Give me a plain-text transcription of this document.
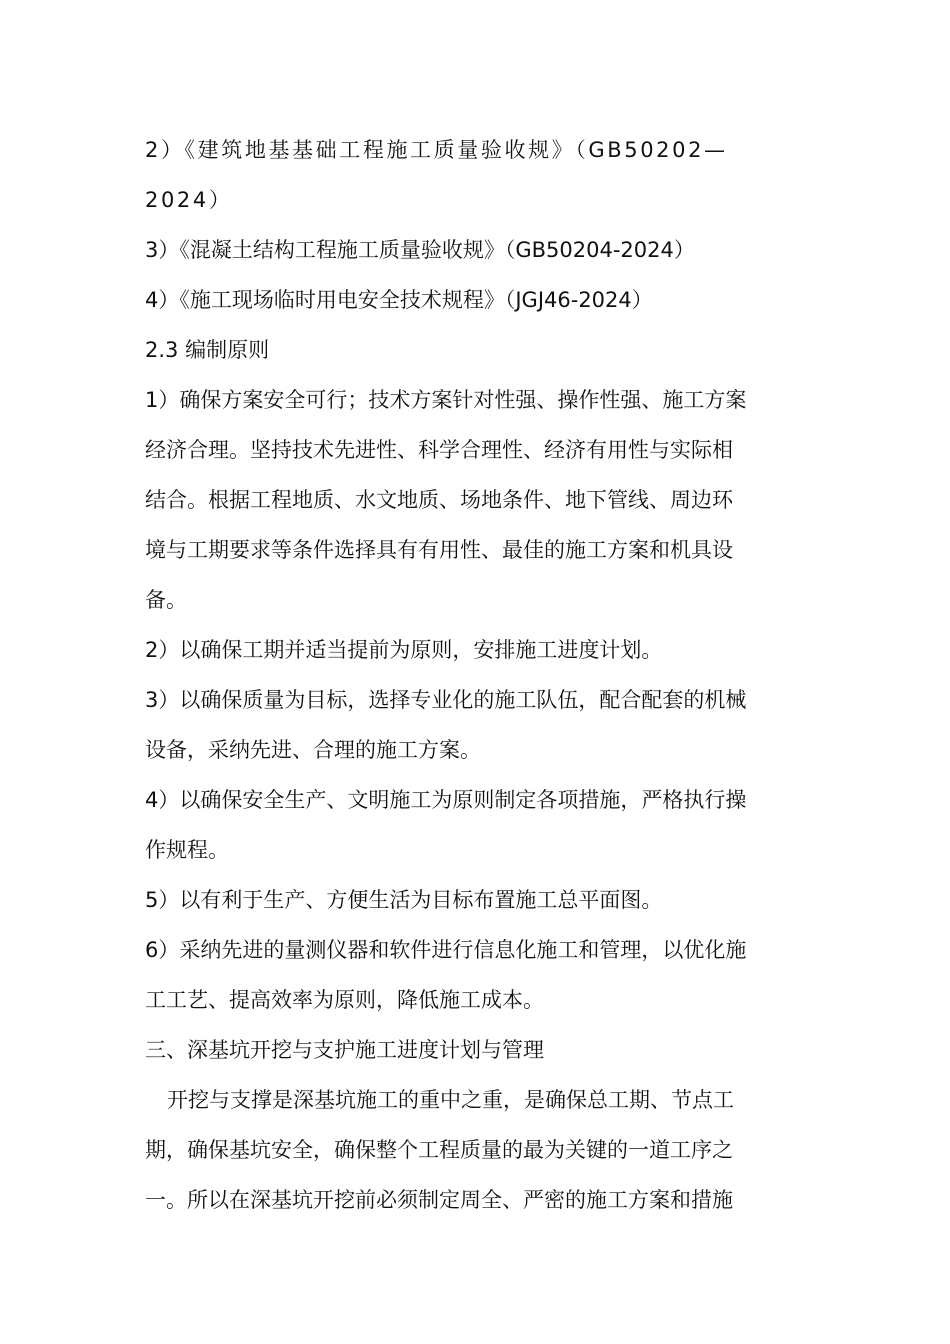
2）《建筑地基基础工程施工质量验收规》（GB50202—
2024）
3）《混凝土结构工程施工质量验收规》（GB50204-2024）
4）《施工现场临时用电安全技术规程》（JGJ46-2024）
2.3 编制原则
1）确保方案安全可行；技术方案针对性强、操作性强、施工方案
经济合理。坚持技术先进性、科学合理性、经济有用性与实际相
结合。根据工程地质、水文地质、场地条件、地下管线、周边环
境与工期要求等条件选择具有有用性、最佳的施工方案和机具设
备。
2）以确保工期并适当提前为原则，安排施工进度计划。
3）以确保质量为目标，选择专业化的施工队伍，配合配套的机械
设备，采纳先进、合理的施工方案。
4）以确保安全生产、文明施工为原则制定各项措施，严格执行操
作规程。
5）以有利于生产、方便生活为目标布置施工总平面图。
6）采纳先进的量测仪器和软件进行信息化施工和管理，以优化施
工工艺、提高效率为原则，降低施工成本。
三、深基坑开挖与支护施工进度计划与管理
开挖与支撑是深基坑施工的重中之重，是确保总工期、节点工
期，确保基坑安全，确保整个工程质量的最为关键的一道工序之
一。所以在深基坑开挖前必须制定周全、严密的施工方案和措施
